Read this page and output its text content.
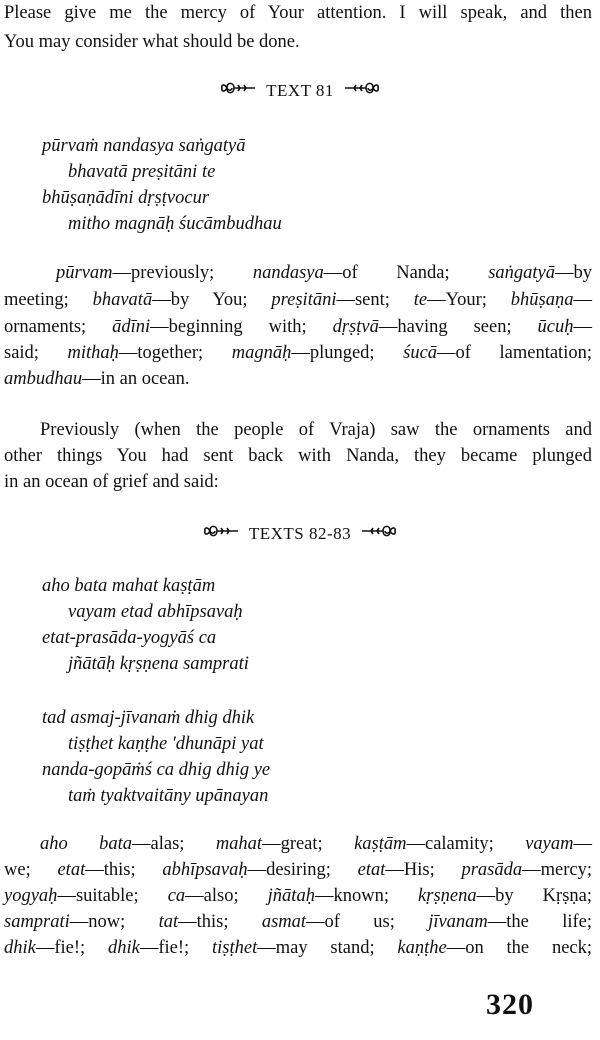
Please give me the mercy of Your attention. I will speak, and then
You may consider what should be done.
TEXT 81
pūrvaṁ nandasya saṅgatyā
bhavatā preṣitāni te
bhūṣaṇādīni dṛṣṭvocur
mitho magnāḥ śucāmbudhau
pūrvam—previously; nandasya—of Nanda; saṅgatyā—by
meeting; bhavatā—by You; preṣitāni—sent; te—Your; bhūṣaṇa—
ornaments; ādīni—beginning with; dṛṣṭvā—having seen; ūcuḥ—
said; mithaḥ—together; magnāḥ—plunged; śucā—of lamentation;
ambudhau—in an ocean.
Previously (when the people of Vraja) saw the ornaments and
other things You had sent back with Nanda, they became plunged
in an ocean of grief and said:
TEXTS 82-83
aho bata mahat kaṣṭām
vayam etad abhīpsavaḥ
etat-prasāda-yogyāś ca
jñātāḥ kṛṣṇena samprati
tad asmaj-jīvanaṁ dhig dhik
tiṣṭhet kaṇṭhe 'dhunāpi yat
nanda-gopāṁś ca dhig dhig ye
taṁ tyaktvaitāny upānayan
aho bata—alas; mahat—great; kaṣṭām—calamity; vayam—
we; etat—this; abhīpsavaḥ—desiring; etat—His; prasāda—mercy;
yogyaḥ—suitable; ca—also; jñātaḥ—known; kṛṣṇena—by Kṛṣṇa;
samprati—now; tat—this; asmat—of us; jīvanam—the life;
dhik—fie!; dhik—fie!; tiṣṭhet—may stand; kaṇṭhe—on the neck;
320
